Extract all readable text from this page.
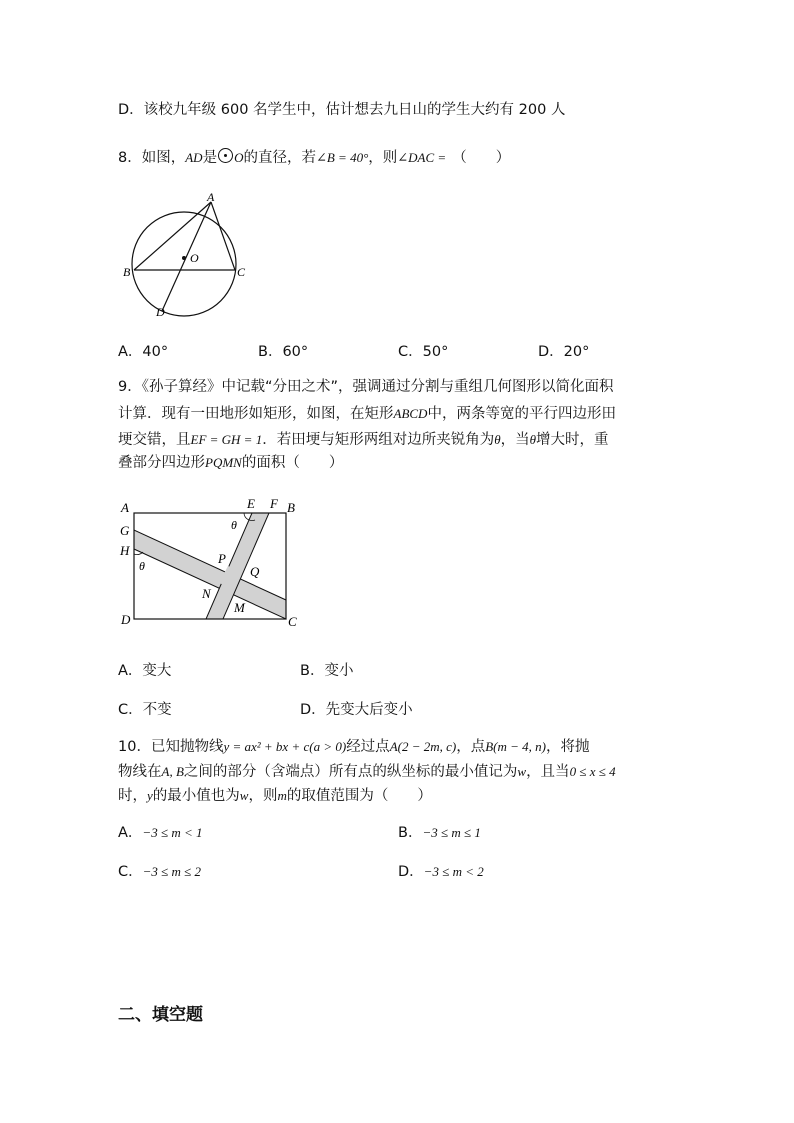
D．该校九年级 600 名学生中，估计想去九日山的学生大约有 200 人
8．如图，AD是 O的直径，若∠B = 40°，则∠DAC = （　　）
A
B	C
D
O
A．40°	B．60°	C．50°	D．20°
9．《孙子算经》中记载“分田之术”，强调通过分割与重组几何图形以简化面积
计算．现有一田地形如矩形，如图，在矩形ABCD中，两条等宽的平行四边形田
埂交错，且EF = GH = 1．若田埂与矩形两组对边所夹锐角为θ，当θ增大时，重
叠部分四边形PQMN的面积（　　）
A	B
C
D
E F
G
H
P
Q
M
N
θ
θ
A．变大	B．变小
C．不变	D．先变大后变小
10．已知抛物线y = ax² + bx + c(a > 0)经过点A(2 − 2m, c)，点B(m − 4, n)，将抛
物线在A, B之间的部分（含端点）所有点的纵坐标的最小值记为w，且当0 ≤ x ≤ 4
时，y的最小值也为w，则m的取值范围为（　　）
A．−3 ≤ m < 1	B．−3 ≤ m ≤ 1
C．−3 ≤ m ≤ 2	D．−3 ≤ m < 2
二、填空题
